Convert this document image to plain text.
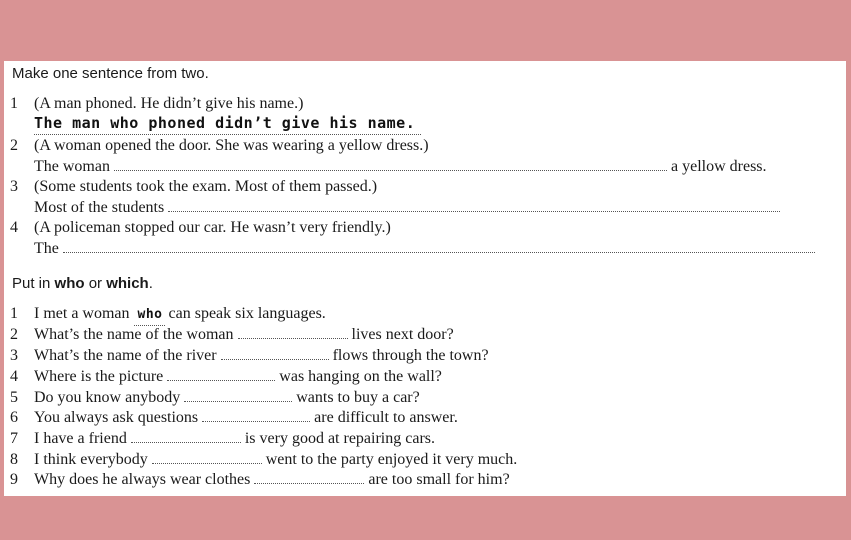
Make one sentence from two.
1 (A man phoned. He didn’t give his name.)
The man who phoned didn’t give his name.
2 (A woman opened the door. She was wearing a yellow dress.)
The woman	a yellow dress.
3 (Some students took the exam. Most of them passed.)
Most of the students
4 (A policeman stopped our car. He wasn’t very friendly.)
The
Put in who or which.
1 I met a woman who can speak six languages.
2 What’s the name of the woman	lives next door?
3 What’s the name of the river	flows through the town?
4 Where is the picture	was hanging on the wall?
5 Do you know anybody	wants to buy a car?
6 You always ask questions	are difficult to answer.
7 I have a friend	is very good at repairing cars.
8 I think everybody	went to the party enjoyed it very much.
9 Why does he always wear clothes	are too small for him?
